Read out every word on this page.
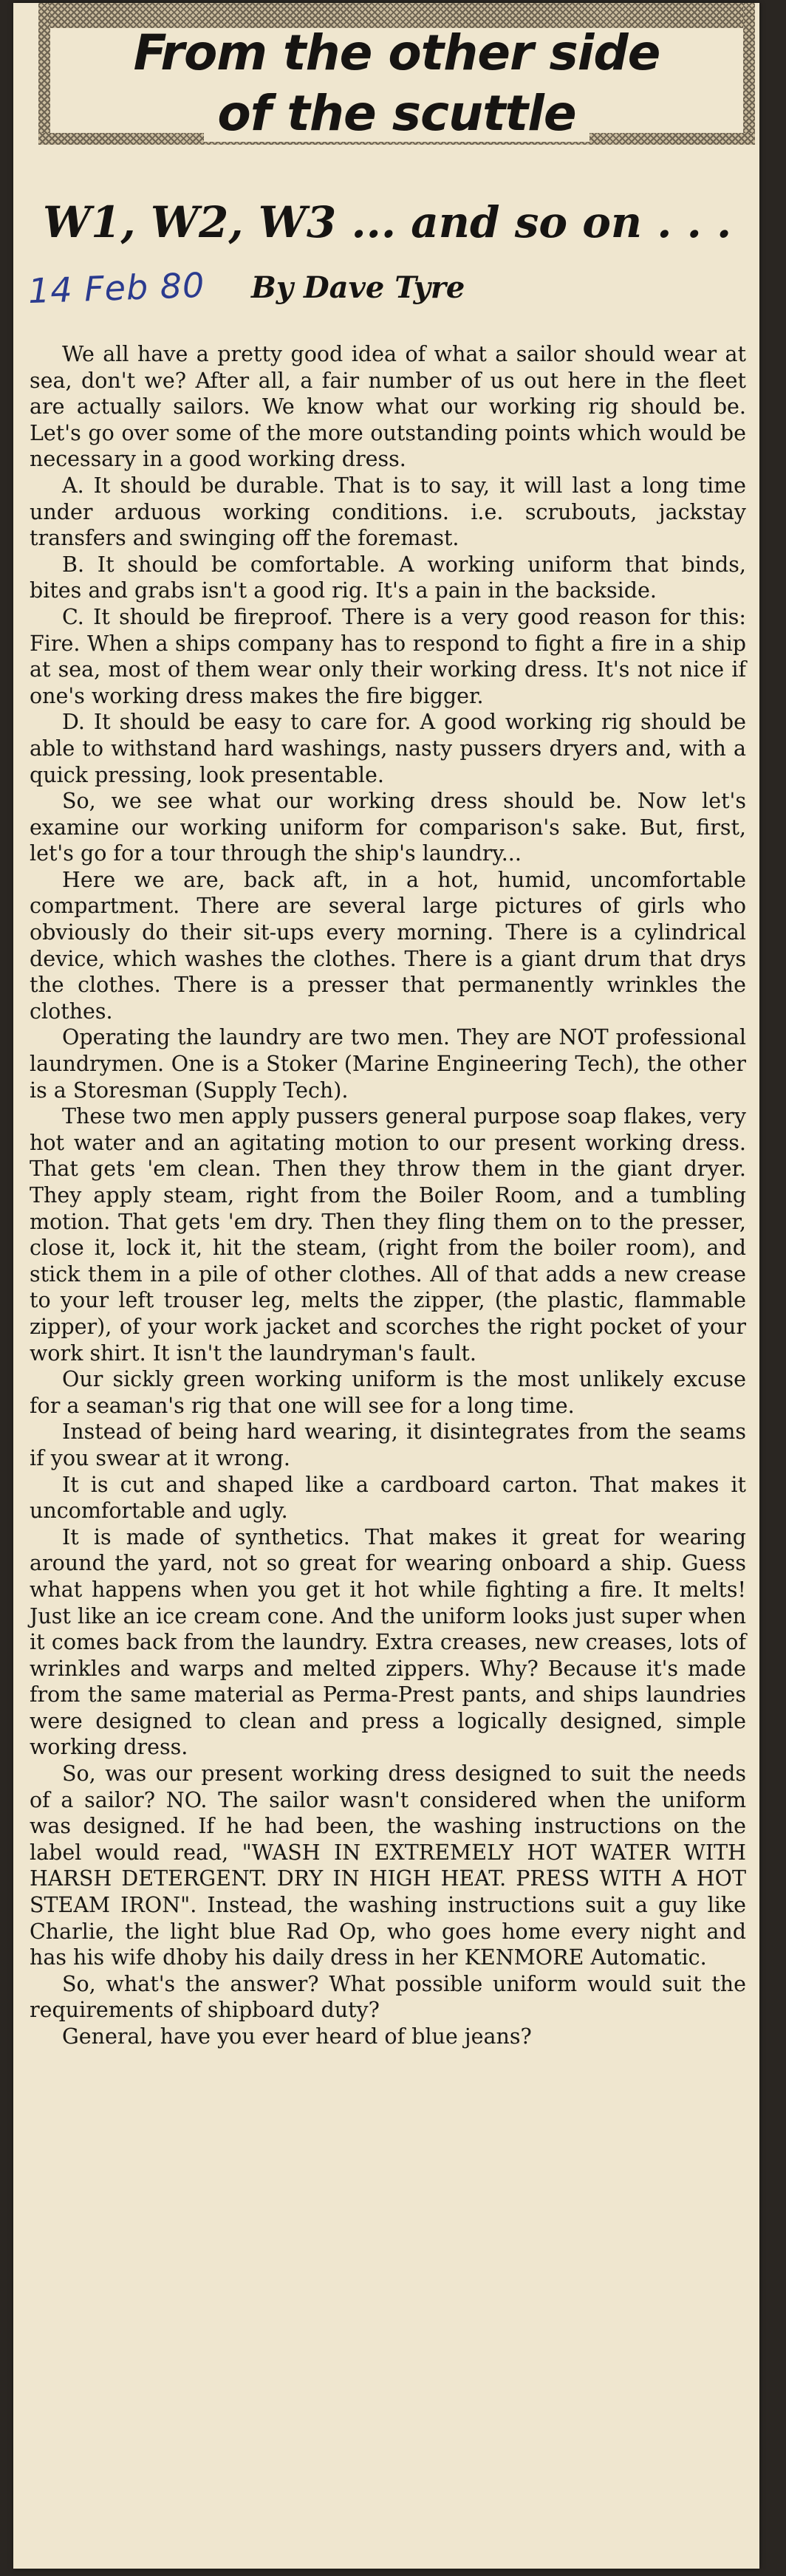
From the other side
of the scuttle
W1, W2, W3 ... and so on . . .
14 Feb 80 By Dave Tyre

We all have a pretty good idea of what a sailor should wear at sea, don't we? After all, a fair number of us out here in the fleet are actually sailors. We know what our working rig should be. Let's go over some of the more outstanding points which would be necessary in a good working dress.

A. It should be durable. That is to say, it will last a long time under arduous working conditions. i.e. scrubouts, jackstay transfers and swinging off the foremast.

B. It should be comfortable. A working uniform that binds, bites and grabs isn't a good rig. It's a pain in the backside.

C. It should be fireproof. There is a very good reason for this: Fire. When a ships company has to respond to fight a fire in a ship at sea, most of them wear only their working dress. It's not nice if one's working dress makes the fire bigger.

D. It should be easy to care for. A good working rig should be able to withstand hard washings, nasty pussers dryers and, with a quick pressing, look presentable.

So, we see what our working dress should be. Now let's examine our working uniform for comparison's sake. But, first, let's go for a tour through the ship's laundry...

Here we are, back aft, in a hot, humid, uncomfortable compartment. There are several large pictures of girls who obviously do their sit-ups every morning. There is a cylindrical device, which washes the clothes. There is a giant drum that drys the clothes. There is a presser that permanently wrinkles the clothes.

Operating the laundry are two men. They are NOT professional laundrymen. One is a Stoker (Marine Engineering Tech), the other is a Storesman (Supply Tech).

These two men apply pussers general purpose soap flakes, very hot water and an agitating motion to our present working dress. That gets 'em clean. Then they throw them in the giant dryer. They apply steam, right from the Boiler Room, and a tumbling motion. That gets 'em dry. Then they fling them on to the presser, close it, lock it, hit the steam, (right from the boiler room), and stick them in a pile of other clothes. All of that adds a new crease to your left trouser leg, melts the zipper, (the plastic, flammable zipper), of your work jacket and scorches the right pocket of your work shirt. It isn't the laundryman's fault.

Our sickly green working uniform is the most unlikely excuse for a seaman's rig that one will see for a long time.

Instead of being hard wearing, it disintegrates from the seams if you swear at it wrong.

It is cut and shaped like a cardboard carton. That makes it uncomfortable and ugly.

It is made of synthetics. That makes it great for wearing around the yard, not so great for wearing onboard a ship. Guess what happens when you get it hot while fighting a fire. It melts! Just like an ice cream cone. And the uniform looks just super when it comes back from the laundry. Extra creases, new creases, lots of wrinkles and warps and melted zippers. Why? Because it's made from the same material as Perma-Prest pants, and ships laundries were designed to clean and press a logically designed, simple working dress.

So, was our present working dress designed to suit the needs of a sailor? NO. The sailor wasn't considered when the uniform was designed. If he had been, the washing instructions on the label would read, "WASH IN EXTREMELY HOT WATER WITH HARSH DETERGENT. DRY IN HIGH HEAT. PRESS WITH A HOT STEAM IRON". Instead, the washing instructions suit a guy like Charlie, the light blue Rad Op, who goes home every night and has his wife dhoby his daily dress in her KENMORE Automatic.

So, what's the answer? What possible uniform would suit the requirements of shipboard duty?

General, have you ever heard of blue jeans?
